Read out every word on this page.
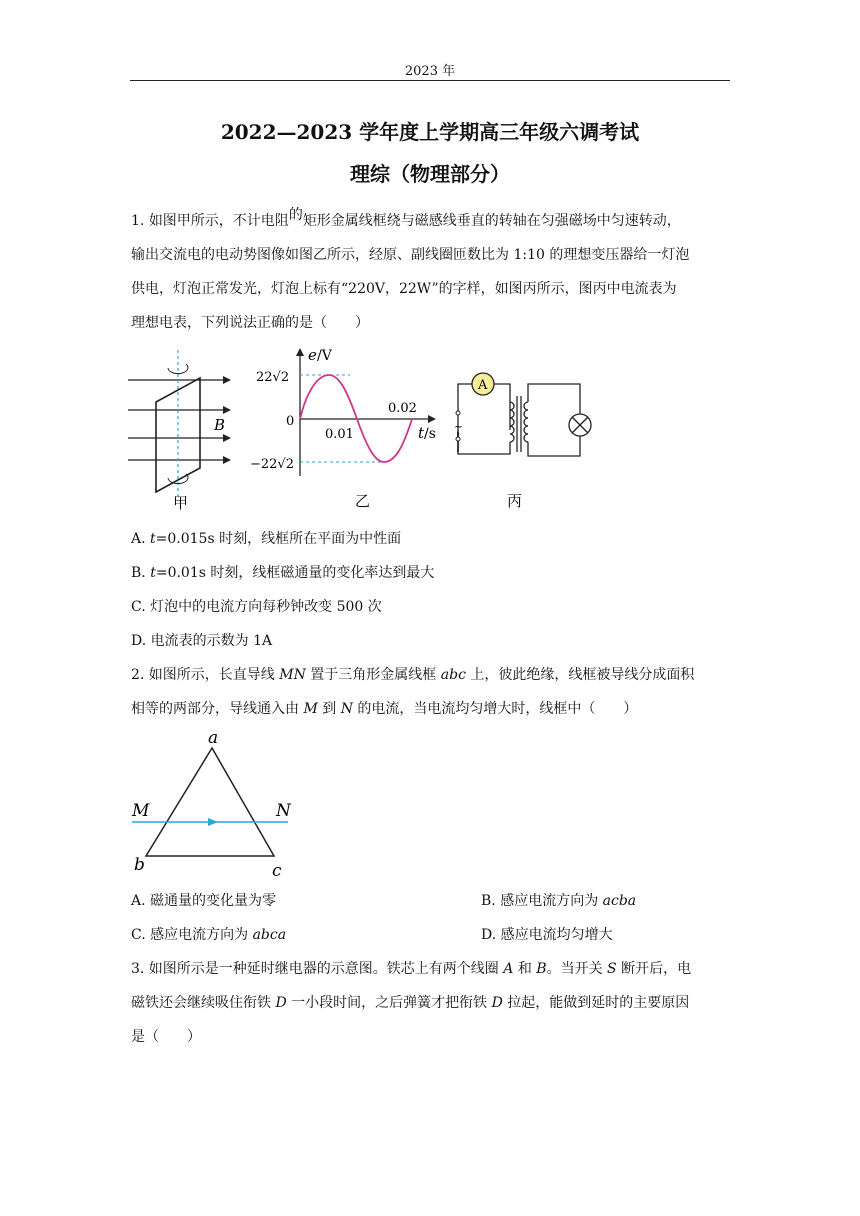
2023 年
2022—2023 学年度上学期高三年级六调考试
理综（物理部分）
1. 如图甲所示，不计电阻的矩形金属线框绕与磁感线垂直的转轴在匀强磁场中匀速转动，
输出交流电的电动势图像如图乙所示，经原、副线圈匝数比为 1:10 的理想变压器给一灯泡
供电，灯泡正常发光，灯泡上标有“220V，22W”的字样，如图丙所示，图丙中电流表为
理想电表，下列说法正确的是（　　）
B
甲
e /V
22√2
−22√2
0
0.01
0.02
t /s
乙
A
~
丙
A. t=0.015s 时刻，线框所在平面为中性面
B. t=0.01s 时刻，线框磁通量的变化率达到最大
C. 灯泡中的电流方向每秒钟改变 500 次
D. 电流表的示数为 1A
2. 如图所示，长直导线 MN 置于三角形金属线框 abc 上，彼此绝缘，线框被导线分成面积
相等的两部分，导线通入由 M 到 N 的电流，当电流均匀增大时，线框中（　　）
a
b	c
M	N
A. 磁通量的变化量为零	B. 感应电流方向为 acba
C. 感应电流方向为 abca	D. 感应电流均匀增大
3. 如图所示是一种延时继电器的示意图。铁芯上有两个线圈 A 和 B。当开关 S 断开后，电
磁铁还会继续吸住衔铁 D 一小段时间，之后弹簧才把衔铁 D 拉起，能做到延时的主要原因
是（　　）
